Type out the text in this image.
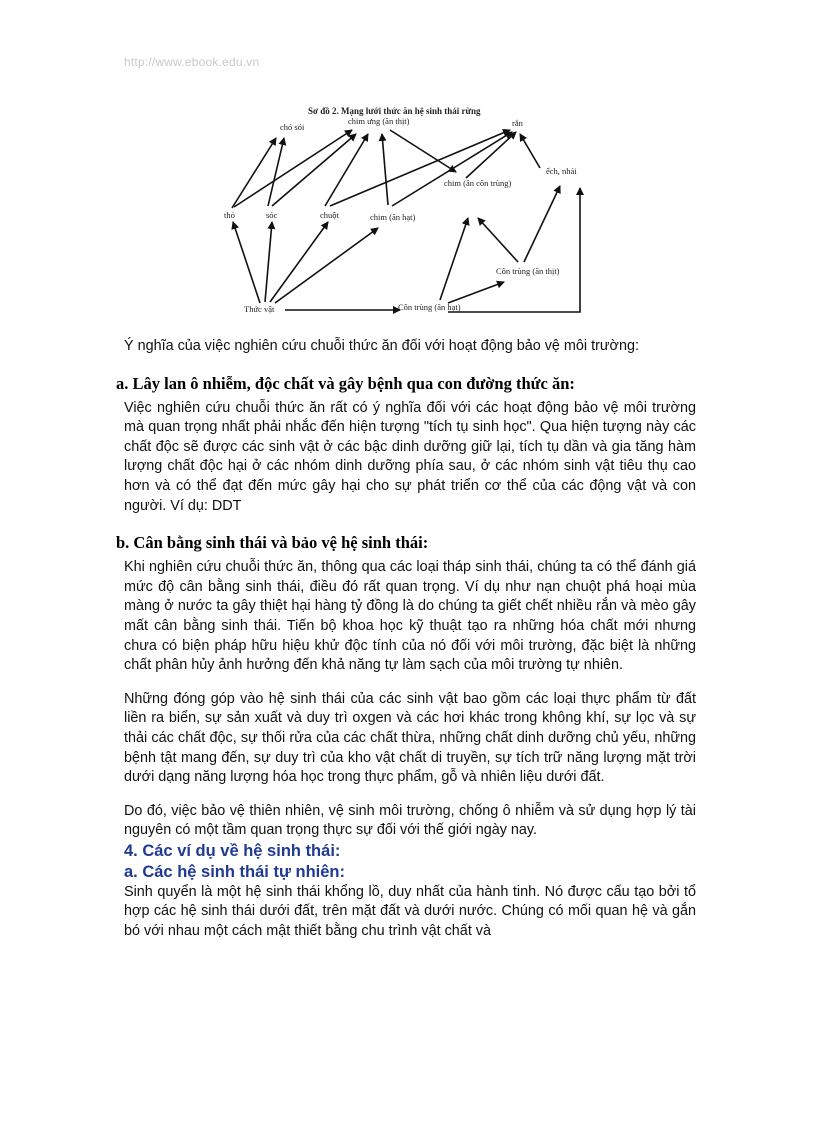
http://www.ebook.edu.vn
Sơ đồ 2. Mạng lưới thức ăn hệ sinh thái rừng
chó sói
chim ưng (ăn thịt)	rắn
ếch, nhái
chim (ăn côn trùng)
thỏ	sóc	chuột	chim (ăn hạt)
Côn trùng (ăn thịt)
Thức vật	Côn trùng (ăn hạt)

Ý nghĩa của việc nghiên cứu chuỗi thức ăn đối với hoạt động bảo vệ môi trường:

a. Lây lan ô nhiễm, độc chất và gây bệnh qua con đường thức ăn:

Việc nghiên cứu chuỗi thức ăn rất có ý nghĩa đối với các hoạt động bảo vệ môi trường mà quan trọng nhất phải nhắc đến hiện tượng "tích tụ sinh học". Qua hiện tượng này các chất độc sẽ được các sinh vật ở các bậc dinh dưỡng giữ lại, tích tụ dần và gia tăng hàm lượng chất độc hại ở các nhóm dinh dưỡng phía sau, ở các nhóm sinh vật tiêu thụ cao hơn và có thể đạt đến mức gây hại cho sự phát triển cơ thể của các động vật và con người. Ví dụ: DDT

b. Cân bằng sinh thái và bảo vệ hệ sinh thái:

Khi nghiên cứu chuỗi thức ăn, thông qua các loại tháp sinh thái, chúng ta có thể đánh giá mức độ cân bằng sinh thái, điều đó rất quan trọng. Ví dụ như nạn chuột phá hoại mùa màng ở nước ta gây thiệt hại hàng tỷ đồng là do chúng ta giết chết nhiều rắn và mèo gây mất cân bằng sinh thái. Tiến bộ khoa học kỹ thuật tạo ra những hóa chất mới nhưng chưa có biện pháp hữu hiệu khử độc tính của nó đối với môi trường, đặc biệt là những chất phân hủy ảnh hưởng đến khả năng tự làm sạch của môi trường tự nhiên.

Những đóng góp vào hệ sinh thái của các sinh vật bao gồm các loại thực phẩm từ đất liền ra biển, sự sản xuất và duy trì oxgen và các hơi khác trong không khí, sự lọc và sự thải các chất độc, sự thối rửa của các chất thừa, những chất dinh dưỡng chủ yếu, những bệnh tật mang đến, sự duy trì của kho vật chất di truyền, sự tích trữ năng lượng mặt trời dưới dạng năng lượng hóa học trong thực phẩm, gỗ và nhiên liệu dưới đất.

Do đó, việc bảo vệ thiên nhiên, vệ sinh môi trường, chống ô nhiễm và sử dụng hợp lý tài nguyên có một tầm quan trọng thực sự đối với thế giới ngày nay.

4. Các ví dụ về hệ sinh thái:
a. Các hệ sinh thái tự nhiên:

Sinh quyển là một hệ sinh thái khổng lồ, duy nhất của hành tinh. Nó được cấu tạo bởi tổ hợp các hệ sinh thái dưới đất, trên mặt đất và dưới nước. Chúng có mối quan hệ và gắn bó với nhau một cách mật thiết bằng chu trình vật chất và
